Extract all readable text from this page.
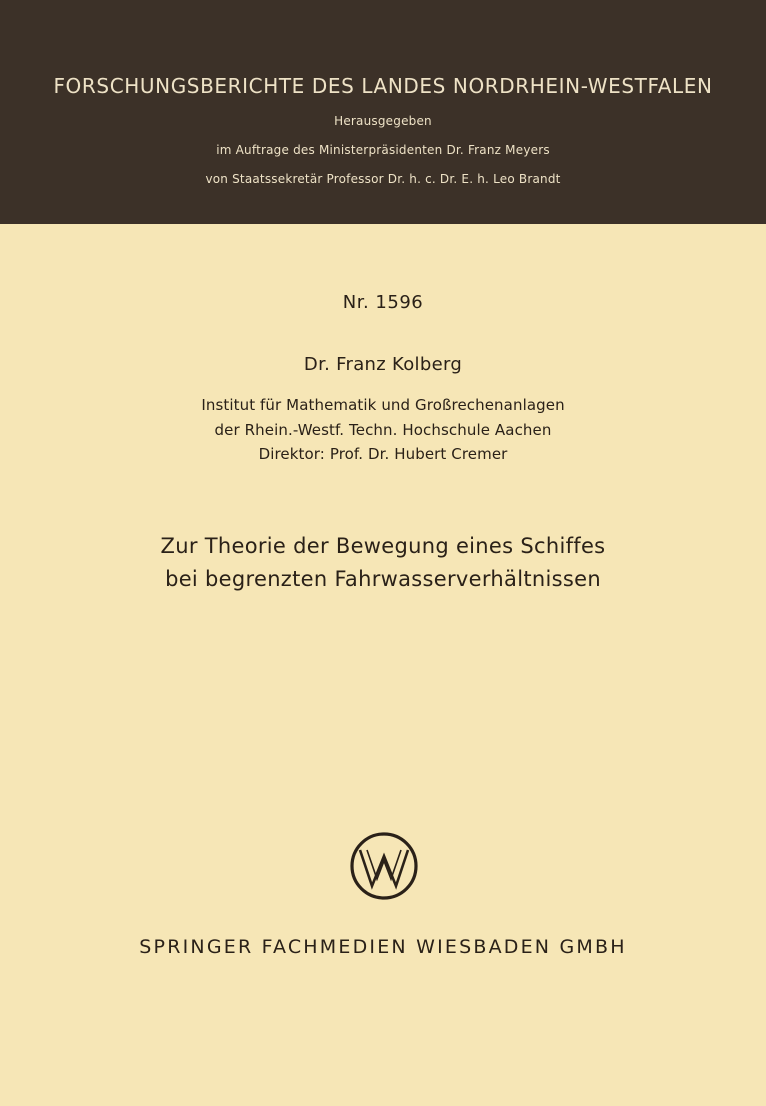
FORSCHUNGSBERICHTE DES LANDES NORDRHEIN-WESTFALEN
Herausgegeben
im Auftrage des Ministerpräsidenten Dr. Franz Meyers
von Staatssekretär Professor Dr. h. c. Dr. E. h. Leo Brandt
Nr. 1596
Dr. Franz Kolberg
Institut für Mathematik und Großrechenanlagen
der Rhein.-Westf. Techn. Hochschule Aachen
Direktor: Prof. Dr. Hubert Cremer
Zur Theorie der Bewegung eines Schiffes
bei begrenzten Fahrwasserverhältnissen
SPRINGER FACHMEDIEN WIESBADEN GMBH
